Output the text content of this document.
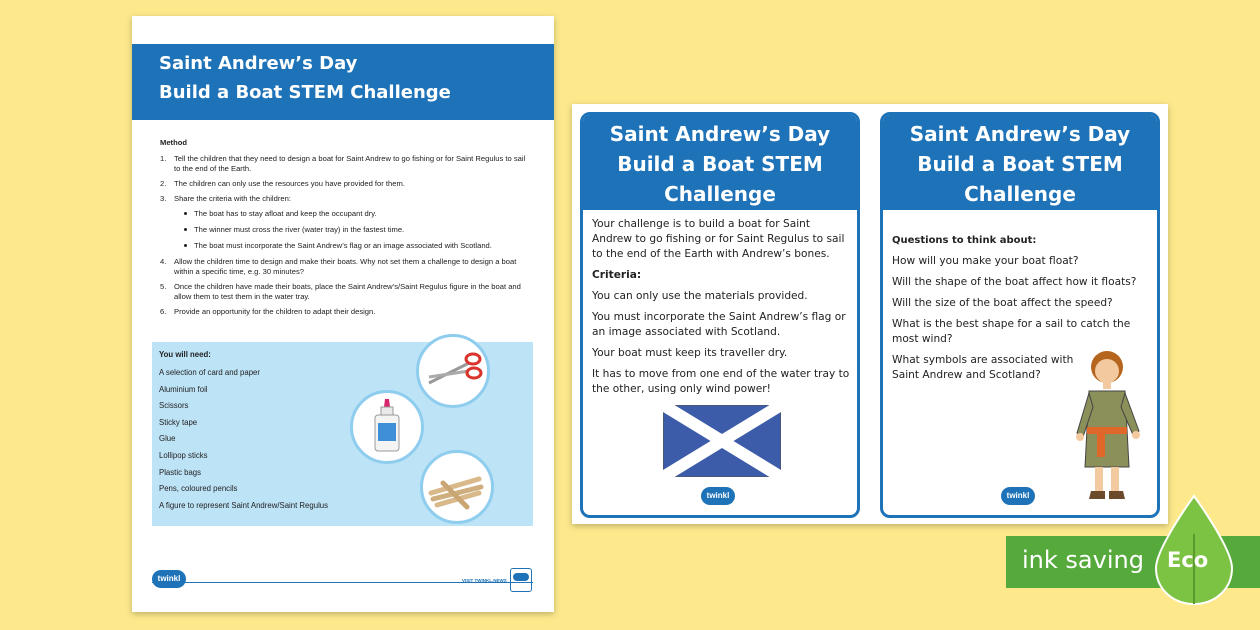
Saint Andrew’s Day
Build a Boat STEM Challenge
Method
1. Tell the children that they need to design a boat for Saint Andrew to go fishing or for Saint Regulus to sail to the end of the Earth.
2. The children can only use the resources you have provided for them.
3. Share the criteria with the children:
The boat has to stay afloat and keep the occupant dry.
The winner must cross the river (water tray) in the fastest time.
The boat must incorporate the Saint Andrew’s flag or an image associated with Scotland.
4. Allow the children time to design and make their boats. Why not set them a challenge to design a boat within a specific time, e.g. 30 minutes?
5. Once the children have made their boats, place the Saint Andrew’s/Saint Regulus figure in the boat and allow them to test them in the water tray.
6. Provide an opportunity for the children to adapt their design.
You will need:
A selection of card and paper
Aluminium foil
Scissors
Sticky tape
Glue
Lollipop sticks
Plastic bags
Pens, coloured pencils
A figure to represent Saint Andrew/Saint Regulus
twinkl	VISIT TWINKL.NEWS
Saint Andrew’s Day
Build a Boat STEM
Challenge

Your challenge is to build a boat for Saint Andrew to go fishing or for Saint Regulus to sail to the end of the Earth with Andrew’s bones.

Criteria:

You can only use the materials provided.

You must incorporate the Saint Andrew’s flag or an image associated with Scotland.

Your boat must keep its traveller dry.

It has to move from one end of the water tray to the other, using only wind power!

twinkl
Saint Andrew’s Day
Build a Boat STEM
Challenge

Questions to think about:

How will you make your boat float?

Will the shape of the boat affect how it floats?

Will the size of the boat affect the speed?

What is the best shape for a sail to catch the most wind?

What symbols are associated with Saint Andrew and Scotland?

twinkl
ink saving Eco
